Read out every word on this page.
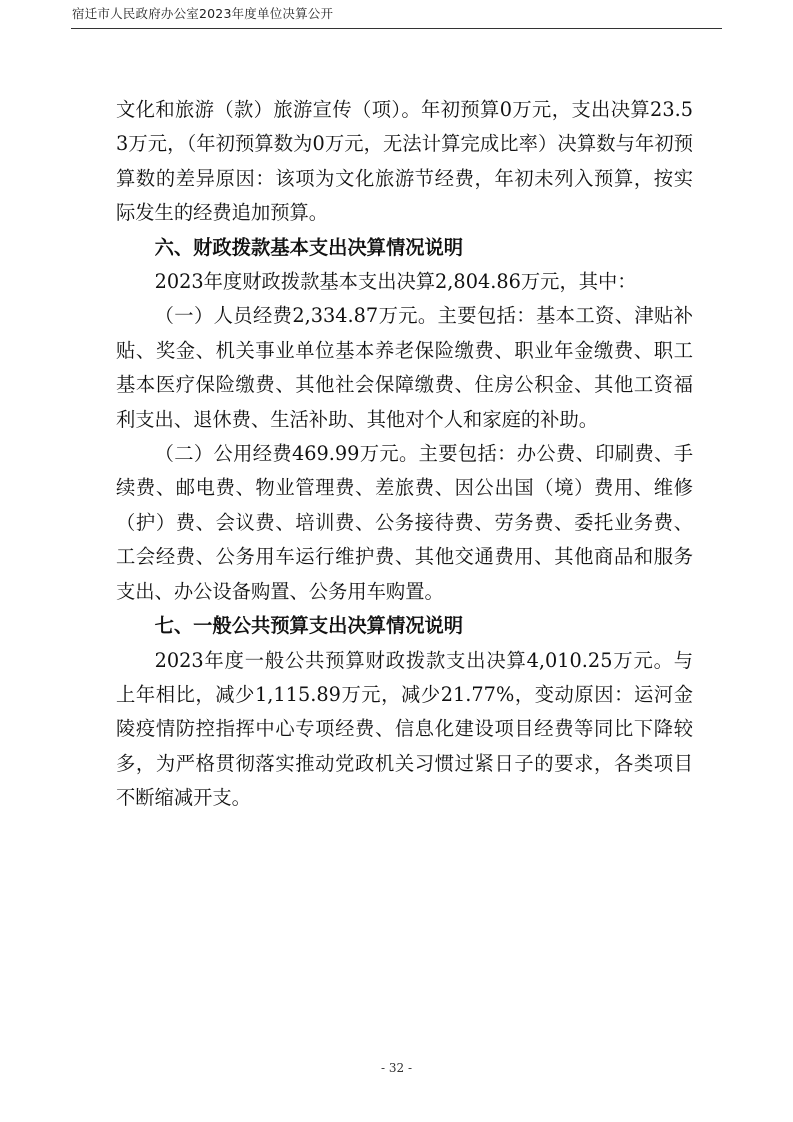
宿迁市人民政府办公室2023年度单位决算公开

文化和旅游（款）旅游宣传（项）。年初预算0万元，支出决算23.53万元，（年初预算数为0万元，无法计算完成比率）决算数与年初预算数的差异原因：该项为文化旅游节经费，年初未列入预算，按实际发生的经费追加预算。

六、财政拨款基本支出决算情况说明

2023年度财政拨款基本支出决算2,804.86万元，其中：

（一）人员经费2,334.87万元。主要包括：基本工资、津贴补贴、奖金、机关事业单位基本养老保险缴费、职业年金缴费、职工基本医疗保险缴费、其他社会保障缴费、住房公积金、其他工资福利支出、退休费、生活补助、其他对个人和家庭的补助。

（二）公用经费469.99万元。主要包括：办公费、印刷费、手续费、邮电费、物业管理费、差旅费、因公出国（境）费用、维修（护）费、会议费、培训费、公务接待费、劳务费、委托业务费、工会经费、公务用车运行维护费、其他交通费用、其他商品和服务支出、办公设备购置、公务用车购置。

七、一般公共预算支出决算情况说明

2023年度一般公共预算财政拨款支出决算4,010.25万元。与上年相比，减少1,115.89万元，减少21.77%，变动原因：运河金陵疫情防控指挥中心专项经费、信息化建设项目经费等同比下降较多，为严格贯彻落实推动党政机关习惯过紧日子的要求，各类项目不断缩减开支。

- 32 -
